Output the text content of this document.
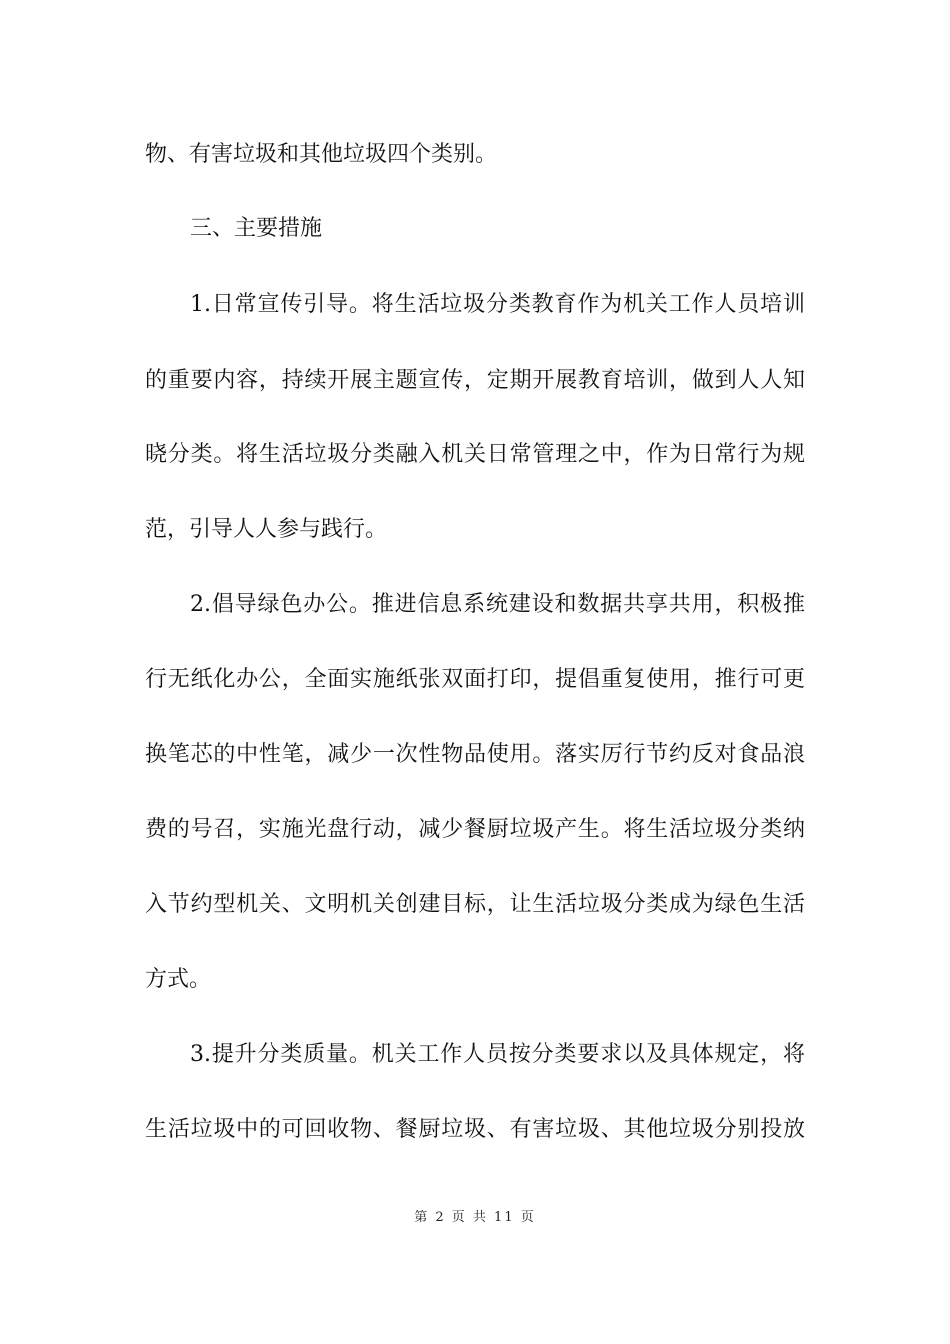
物、有害垃圾和其他垃圾四个类别。
三、主要措施
1.日常宣传引导。将生活垃圾分类教育作为机关工作人员培训
的重要内容，持续开展主题宣传，定期开展教育培训，做到人人知
晓分类。将生活垃圾分类融入机关日常管理之中，作为日常行为规
范，引导人人参与践行。
2.倡导绿色办公。推进信息系统建设和数据共享共用，积极推
行无纸化办公，全面实施纸张双面打印，提倡重复使用，推行可更
换笔芯的中性笔，减少一次性物品使用。落实厉行节约反对食品浪
费的号召，实施光盘行动，减少餐厨垃圾产生。将生活垃圾分类纳
入节约型机关、文明机关创建目标，让生活垃圾分类成为绿色生活
方式。
3.提升分类质量。机关工作人员按分类要求以及具体规定，将
生活垃圾中的可回收物、餐厨垃圾、有害垃圾、其他垃圾分别投放
第 2 页 共 11 页
